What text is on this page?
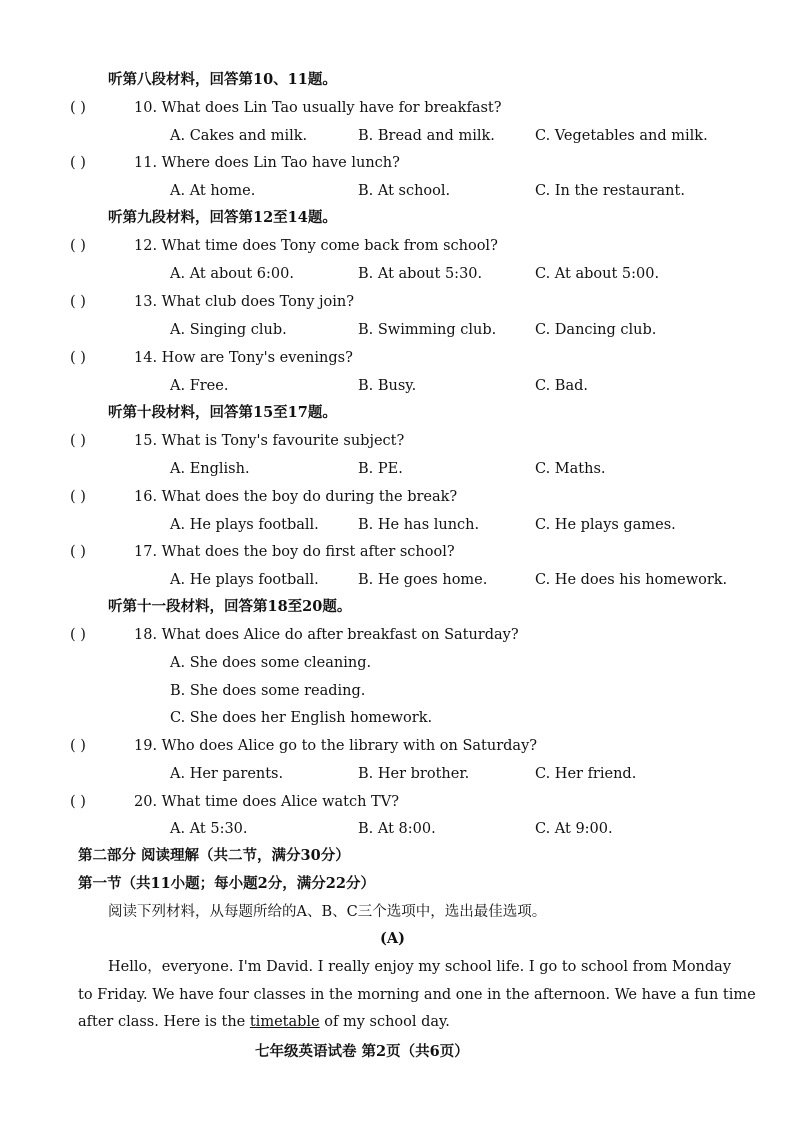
听第八段材料，回答第10、11题。
( )	10. What does Lin Tao usually have for breakfast?
A. Cakes and milk.	B. Bread and milk.	C. Vegetables and milk.
( )	11. Where does Lin Tao have lunch?
A. At home.	B. At school.	C. In the restaurant.
听第九段材料，回答第12至14题。
( )	12. What time does Tony come back from school?
A. At about 6:00.	B. At about 5:30.	C. At about 5:00.
( )	13. What club does Tony join?
A. Singing club.	B. Swimming club.	C. Dancing club.
( )	14. How are Tony's evenings?
A. Free.	B. Busy.	C. Bad.
听第十段材料，回答第15至17题。
( )	15. What is Tony's favourite subject?
A. English.	B. PE.	C. Maths.
( )	16. What does the boy do during the break?
A. He plays football.	B. He has lunch.	C. He plays games.
( )	17. What does the boy do first after school?
A. He plays football.	B. He goes home.	C. He does his homework.
听第十一段材料，回答第18至20题。
( )	18. What does Alice do after breakfast on Saturday?
A. She does some cleaning.
B. She does some reading.
C. She does her English homework.
( )	19. Who does Alice go to the library with on Saturday?
A. Her parents.	B. Her brother.	C. Her friend.
( )	20. What time does Alice watch TV?
A. At 5:30.	B. At 8:00.	C. At 9:00.
第二部分 阅读理解（共二节，满分30分）
第一节（共11小题；每小题2分，满分22分）
阅读下列材料，从每题所给的A、B、C三个选项中，选出最佳选项。
(A)
Hello，everyone. I'm David. I really enjoy my school life. I go to school from Monday
to Friday. We have four classes in the morning and one in the afternoon. We have a fun time
after class. Here is the timetable of my school day.
七年级英语试卷 第2页（共6页）
